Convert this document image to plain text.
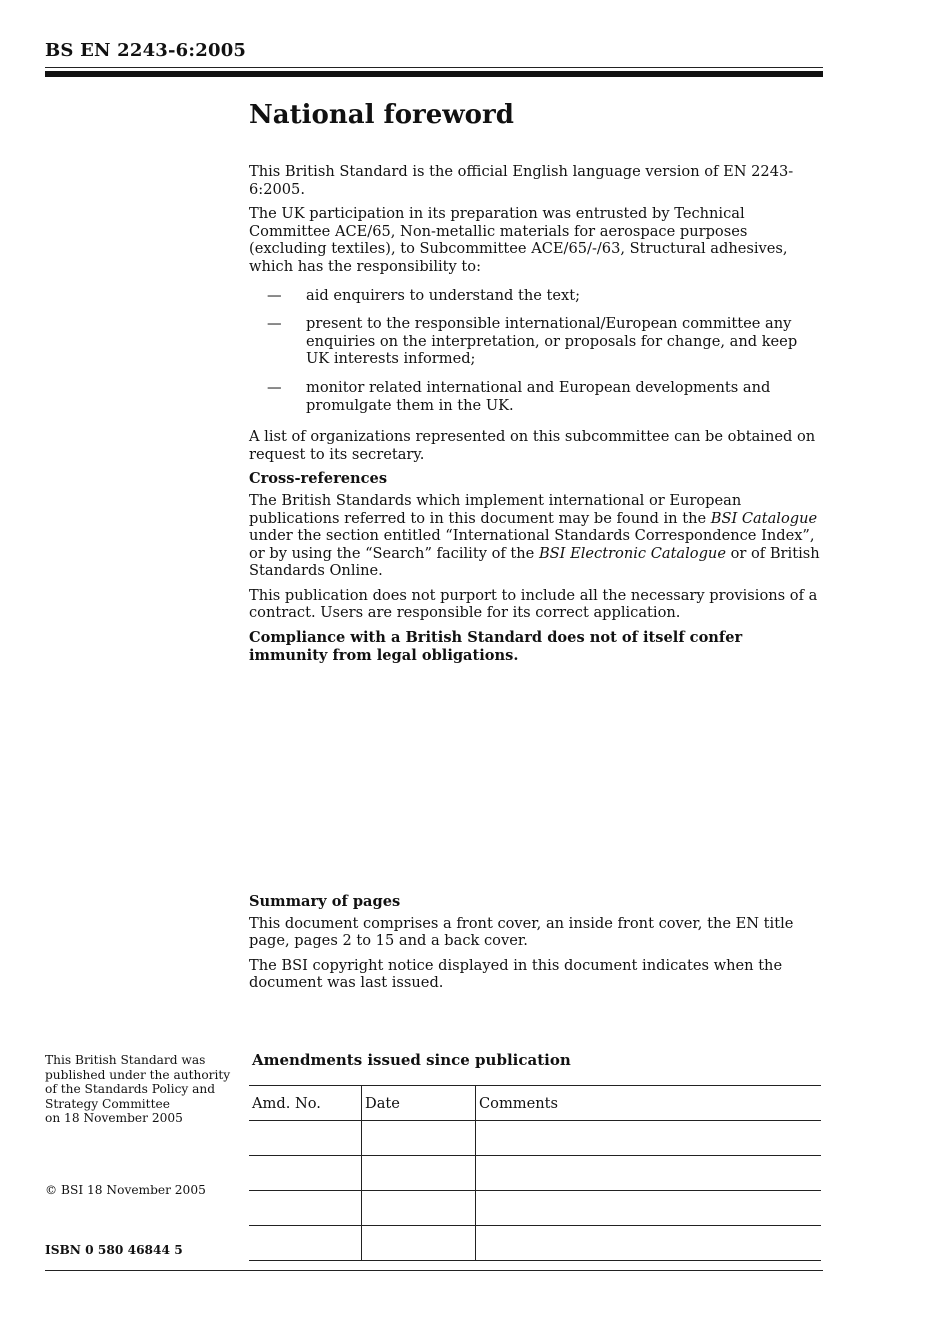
BS EN 2243-6:2005
National foreword

This British Standard is the official English language version of EN 2243-6:2005.

The UK participation in its preparation was entrusted by Technical Committee ACE/65, Non-metallic materials for aerospace purposes (excluding textiles), to Subcommittee ACE/65/-/63, Structural adhesives, which has the responsibility to:

— aid enquirers to understand the text;
— present to the responsible international/European committee any enquiries on the interpretation, or proposals for change, and keep UK interests informed;
— monitor related international and European developments and promulgate them in the UK.

A list of organizations represented on this subcommittee can be obtained on request to its secretary.

Cross-references

The British Standards which implement international or European publications referred to in this document may be found in the BSI Catalogue under the section entitled “International Standards Correspondence Index”, or by using the “Search” facility of the BSI Electronic Catalogue or of British Standards Online.

This publication does not purport to include all the necessary provisions of a contract. Users are responsible for its correct application.

Compliance with a British Standard does not of itself confer immunity from legal obligations.

Summary of pages

This document comprises a front cover, an inside front cover, the EN title page, pages 2 to 15 and a back cover.

The BSI copyright notice displayed in this document indicates when the document was last issued.

This British Standard was
published under the authority
of the Standards Policy and
Strategy Committee
on 18 November 2005
© BSI 18 November 2005
ISBN 0 580 46844 5
Amendments issued since publication
Amd. No.	Date	Comments
